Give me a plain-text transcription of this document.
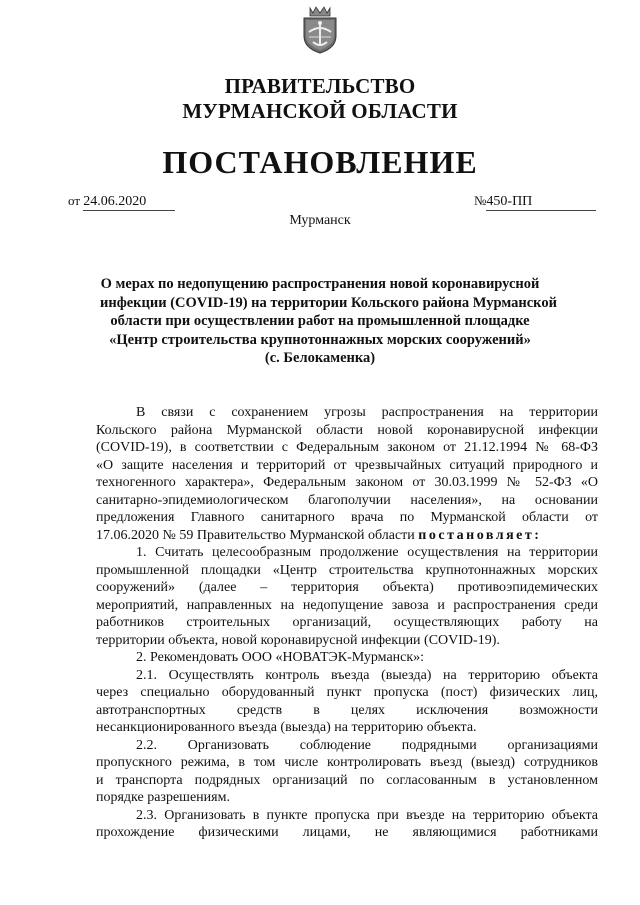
ПРАВИТЕЛЬСТВО
МУРМАНСКОЙ ОБЛАСТИ
ПОСТАНОВЛЕНИЕ
от 24.06.2020	№450-ПП
Мурманск
О мерах по недопущению распространения новой коронавирусной
инфекции (COVID-19) на территории Кольского района Мурманской
области при осуществлении работ на промышленной площадке
«Центр строительства крупнотоннажных морских сооружений»
(с. Белокаменка)

В связи с сохранением угрозы распространения на территории
Кольского района Мурманской области новой коронавирусной инфекции
(COVID-19), в соответствии с Федеральным законом от 21.12.1994 № 68-ФЗ
«О защите населения и территорий от чрезвычайных ситуаций природного и
техногенного характера», Федеральным законом от 30.03.1999 № 52-ФЗ «О
санитарно-эпидемиологическом благополучии населения», на основании
предложения Главного санитарного врача по Мурманской области от
17.06.2020 № 59 Правительство Мурманской области постановляет:

1. Считать целесообразным продолжение осуществления на территории
промышленной площадки «Центр строительства крупнотоннажных морских
сооружений» (далее – территория объекта) противоэпидемических
мероприятий, направленных на недопущение завоза и распространения среди
работников строительных организаций, осуществляющих работу на
территории объекта, новой коронавирусной инфекции (COVID-19).

2. Рекомендовать ООО «НОВАТЭК-Мурманск»:

2.1. Осуществлять контроль въезда (выезда) на территорию объекта
через специально оборудованный пункт пропуска (пост) физических лиц,
автотранспортных средств в целях исключения возможности
несанкционированного въезда (выезда) на территорию объекта.

2.2. Организовать соблюдение подрядными организациями
пропускного режима, в том числе контролировать въезд (выезд) сотрудников
и транспорта подрядных организаций по согласованным в установленном
порядке разрешениям.

2.3. Организовать в пункте пропуска при въезде на территорию объекта
прохождение физическими лицами, не являющимися работниками
